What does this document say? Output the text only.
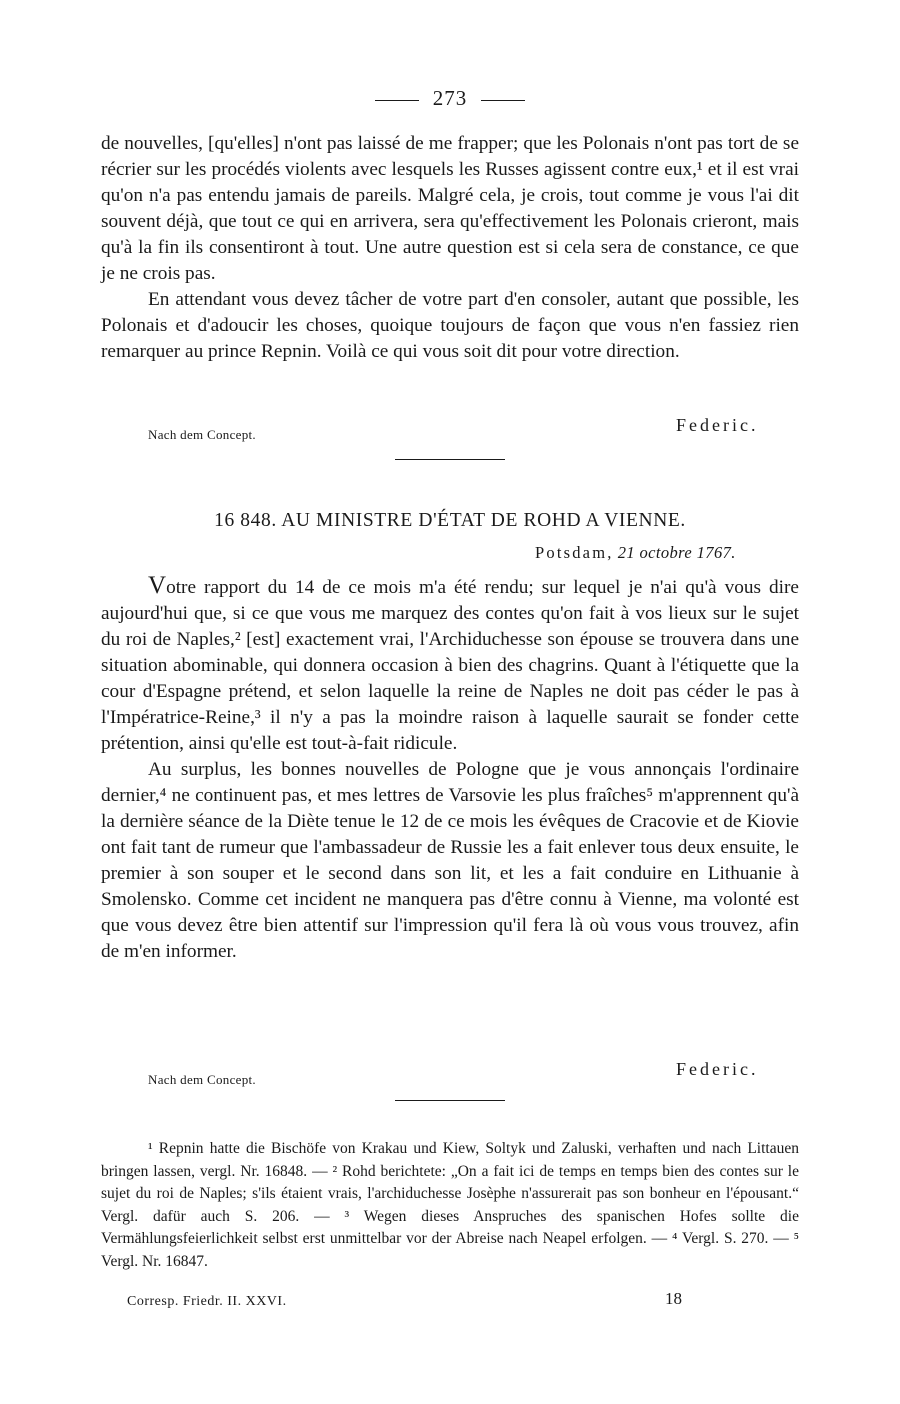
273

de nouvelles, [qu'elles] n'ont pas laissé de me frapper; que les Polonais n'ont pas tort de se récrier sur les procédés violents avec lesquels les Russes agissent contre eux,¹ et il est vrai qu'on n'a pas entendu jamais de pareils. Malgré cela, je crois, tout comme je vous l'ai dit souvent déjà, que tout ce qui en arrivera, sera qu'effectivement les Polonais crieront, mais qu'à la fin ils consentiront à tout. Une autre question est si cela sera de constance, ce que je ne crois pas.

En attendant vous devez tâcher de votre part d'en consoler, autant que possible, les Polonais et d'adoucir les choses, quoique toujours de façon que vous n'en fassiez rien remarquer au prince Repnin. Voilà ce qui vous soit dit pour votre direction.

Nach dem Concept.	Federic.
16 848. AU MINISTRE D'ÉTAT DE ROHD A VIENNE.
Potsdam, 21 octobre 1767.

Votre rapport du 14 de ce mois m'a été rendu; sur lequel je n'ai qu'à vous dire aujourd'hui que, si ce que vous me marquez des contes qu'on fait à vos lieux sur le sujet du roi de Naples,² [est] exactement vrai, l'Archiduchesse son épouse se trouvera dans une situation abominable, qui donnera occasion à bien des chagrins. Quant à l'étiquette que la cour d'Espagne prétend, et selon laquelle la reine de Naples ne doit pas céder le pas à l'Impératrice-Reine,³ il n'y a pas la moindre raison à laquelle saurait se fonder cette prétention, ainsi qu'elle est tout-à-fait ridicule.

Au surplus, les bonnes nouvelles de Pologne que je vous annonçais l'ordinaire dernier,⁴ ne continuent pas, et mes lettres de Varsovie les plus fraîches⁵ m'apprennent qu'à la dernière séance de la Diète tenue le 12 de ce mois les évêques de Cracovie et de Kiovie ont fait tant de rumeur que l'ambassadeur de Russie les a fait enlever tous deux ensuite, le premier à son souper et le second dans son lit, et les a fait conduire en Lithuanie à Smolensko. Comme cet incident ne manquera pas d'être connu à Vienne, ma volonté est que vous devez être bien attentif sur l'impression qu'il fera là où vous vous trouvez, afin de m'en informer.

Nach dem Concept.
Federic.

¹ Repnin hatte die Bischöfe von Krakau und Kiew, Soltyk und Zaluski, verhaften und nach Littauen bringen lassen, vergl. Nr. 16848. — ² Rohd berichtete: „On a fait ici de temps en temps bien des contes sur le sujet du roi de Naples; s'ils étaient vrais, l'archiduchesse Josèphe n'assurerait pas son bonheur en l'épousant.“ Vergl. dafür auch S. 206. — ³ Wegen dieses Anspruches des spanischen Hofes sollte die Vermählungsfeierlichkeit selbst erst unmittelbar vor der Abreise nach Neapel erfolgen. — ⁴ Vergl. S. 270. — ⁵ Vergl. Nr. 16847.

Corresp. Friedr. II. XXVI.	18
